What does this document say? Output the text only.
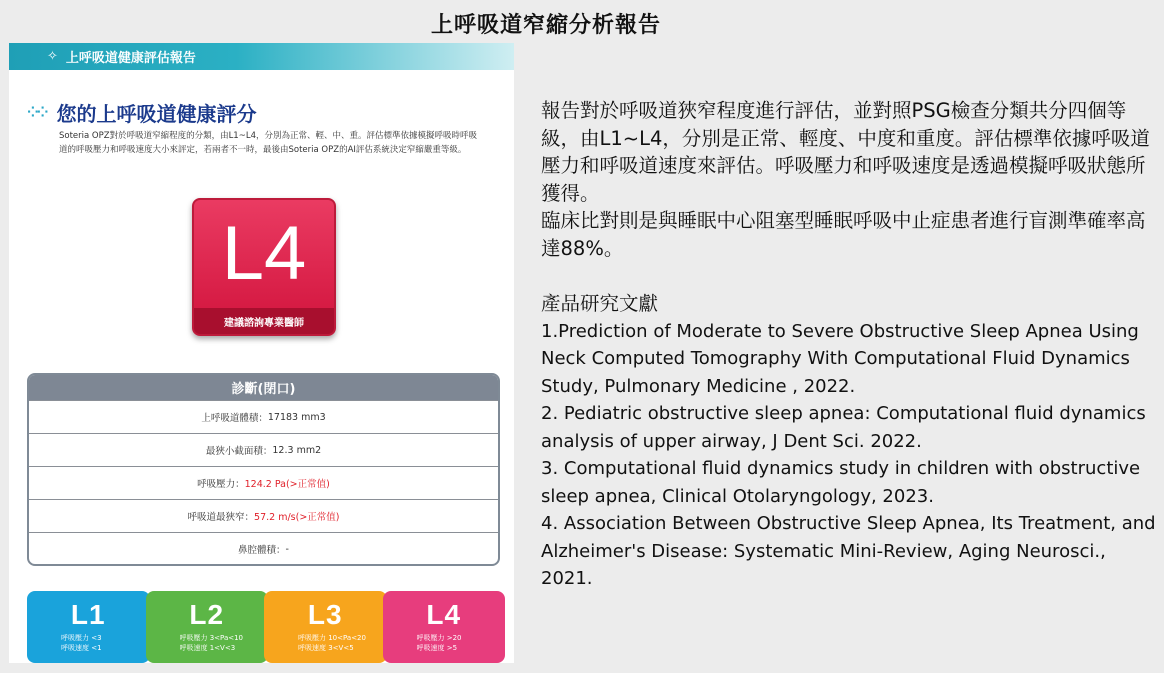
上呼吸道窄縮分析報告
✧ 上呼吸道健康評估報告
⁘⁘ 您的上呼吸道健康評分
Soteria OPZ對於呼吸道窄縮程度的分類，由L1~L4，分別為正常、輕、中、重。評估標準依據模擬呼吸時呼吸道的呼吸壓力和呼吸速度大小來評定，若兩者不一時，最後由Soteria OPZ的AI評估系統決定窄縮嚴重等級。
L4
建議諮詢專業醫師
診斷(閉口)
上呼吸道體積： 17183 mm3
最狹小截面積： 12.3 mm2
呼吸壓力： 124.2 Pa(>正常值)
呼吸道最狹窄： 57.2 m/s(>正常值)
鼻腔體積： -
L1
呼吸壓力 <3
呼吸速度 <1
L2
呼吸壓力 3<Pa<10
呼吸速度 1<V<3
L3
呼吸壓力 10<Pa<20
呼吸速度 3<V<5
L4
呼吸壓力 >20
呼吸速度 >5

報告對於呼吸道狹窄程度進行評估，並對照PSG檢查分類共分四個等級，由L1~L4，分別是正常、輕度、中度和重度。評估標準依據呼吸道壓力和呼吸道速度來評估。呼吸壓力和呼吸速度是透過模擬呼吸狀態所獲得。

臨床比對則是與睡眠中心阻塞型睡眠呼吸中止症患者進行盲測準確率高達88%。

產品研究文獻
1.Prediction of Moderate to Severe Obstructive Sleep Apnea Using Neck Computed Tomography With Computational Fluid Dynamics Study, Pulmonary Medicine , 2022.
2. Pediatric obstructive sleep apnea: Computational fluid dynamics analysis of upper airway, J Dent Sci. 2022.
3. Computational fluid dynamics study in children with obstructive sleep apnea, Clinical Otolaryngology, 2023.
4. Association Between Obstructive Sleep Apnea, Its Treatment, and Alzheimer's Disease: Systematic Mini-Review, Aging Neurosci., 2021.
